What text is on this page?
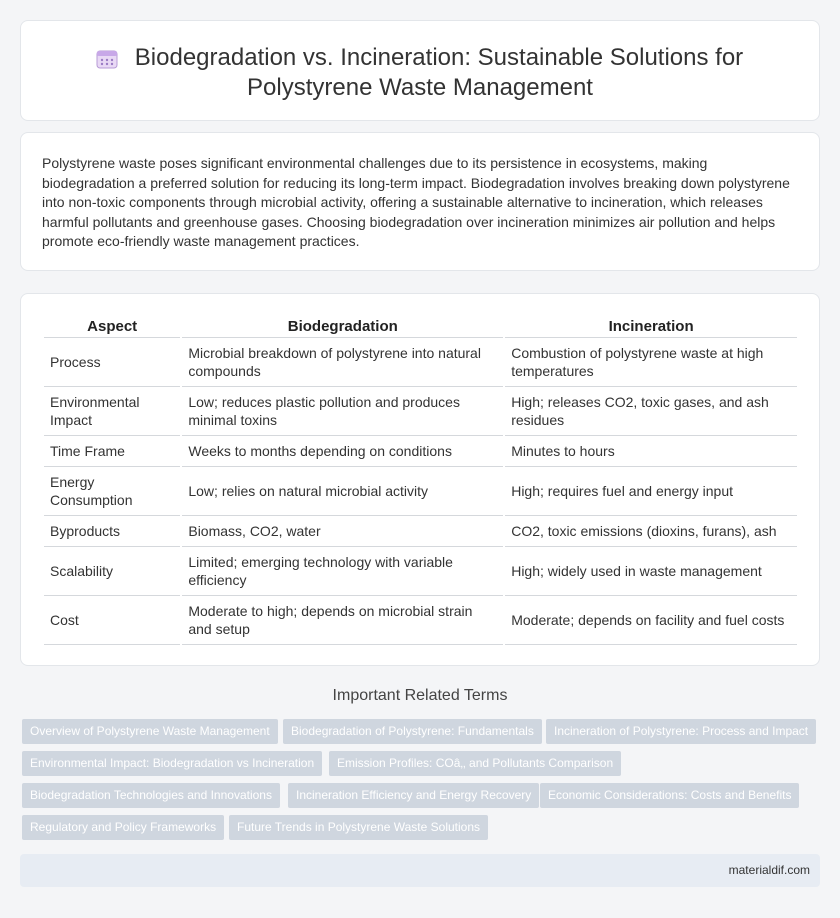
Biodegradation vs. Incineration: Sustainable Solutions for
Polystyrene Waste Management

Polystyrene waste poses significant environmental challenges due to its persistence in ecosystems, making biodegradation a preferred solution for reducing its long-term impact. Biodegradation involves breaking down polystyrene into non-toxic components through microbial activity, offering a sustainable alternative to incineration, which releases harmful pollutants and greenhouse gases. Choosing biodegradation over incineration minimizes air pollution and helps promote eco-friendly waste management practices.

Aspect	Biodegradation	Incineration
Process	Microbial breakdown of polystyrene into natural compounds	Combustion of polystyrene waste at high temperatures
Environmental Impact	Low; reduces plastic pollution and produces minimal toxins	High; releases CO2, toxic gases, and ash residues
Time Frame	Weeks to months depending on conditions	Minutes to hours
Energy Consumption	Low; relies on natural microbial activity	High; requires fuel and energy input
Byproducts	Biomass, CO2, water	CO2, toxic emissions (dioxins, furans), ash
Scalability	Limited; emerging technology with variable efficiency	High; widely used in waste management
Cost	Moderate to high; depends on microbial strain and setup	Moderate; depends on facility and fuel costs
Important Related Terms
Overview of Polystyrene Waste Management	Biodegradation of Polystyrene: Fundamentals	Incineration of Polystyrene: Process and Impact
Environmental Impact: Biodegradation vs Incineration	Emission Profiles: COâ‚‚ and Pollutants Comparison
Biodegradation Technologies and Innovations	Incineration Efficiency and Energy Recovery	Economic Considerations: Costs and Benefits
Regulatory and Policy Frameworks	Future Trends in Polystyrene Waste Solutions
materialdif.com
